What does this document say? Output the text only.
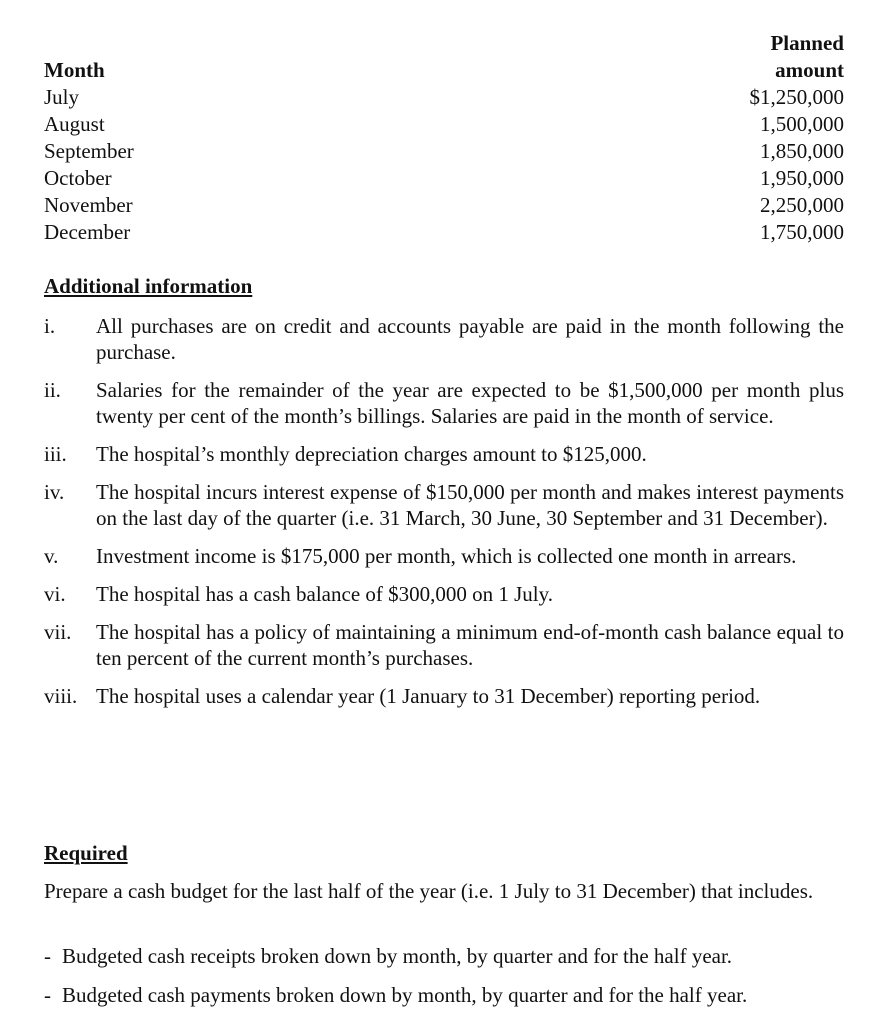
Planned
amount
Month
July	$1,250,000
August	1,500,000
September	1,850,000
October	1,950,000
November	2,250,000
December	1,750,000
Additional information
i.	All purchases are on credit and accounts payable are paid in the month following the purchase.
ii.	Salaries for the remainder of the year are expected to be $1,500,000 per month plus twenty per cent of the month’s billings. Salaries are paid in the month of service.
iii.	The hospital’s monthly depreciation charges amount to $125,000.
iv.	The hospital incurs interest expense of $150,000 per month and makes interest payments on the last day of the quarter (i.e. 31 March, 30 June, 30 September and 31 December).
v.	Investment income is $175,000 per month, which is collected one month in arrears.
vi.	The hospital has a cash balance of $300,000 on 1 July.
vii.	The hospital has a policy of maintaining a minimum end-of-month cash balance equal to ten percent of the current month’s purchases.
viii. The hospital uses a calendar year (1 January to 31 December) reporting period.
Required
Prepare a cash budget for the last half of the year (i.e. 1 July to 31 December) that includes.
- Budgeted cash receipts broken down by month, by quarter and for the half year.
- Budgeted cash payments broken down by month, by quarter and for the half year.
